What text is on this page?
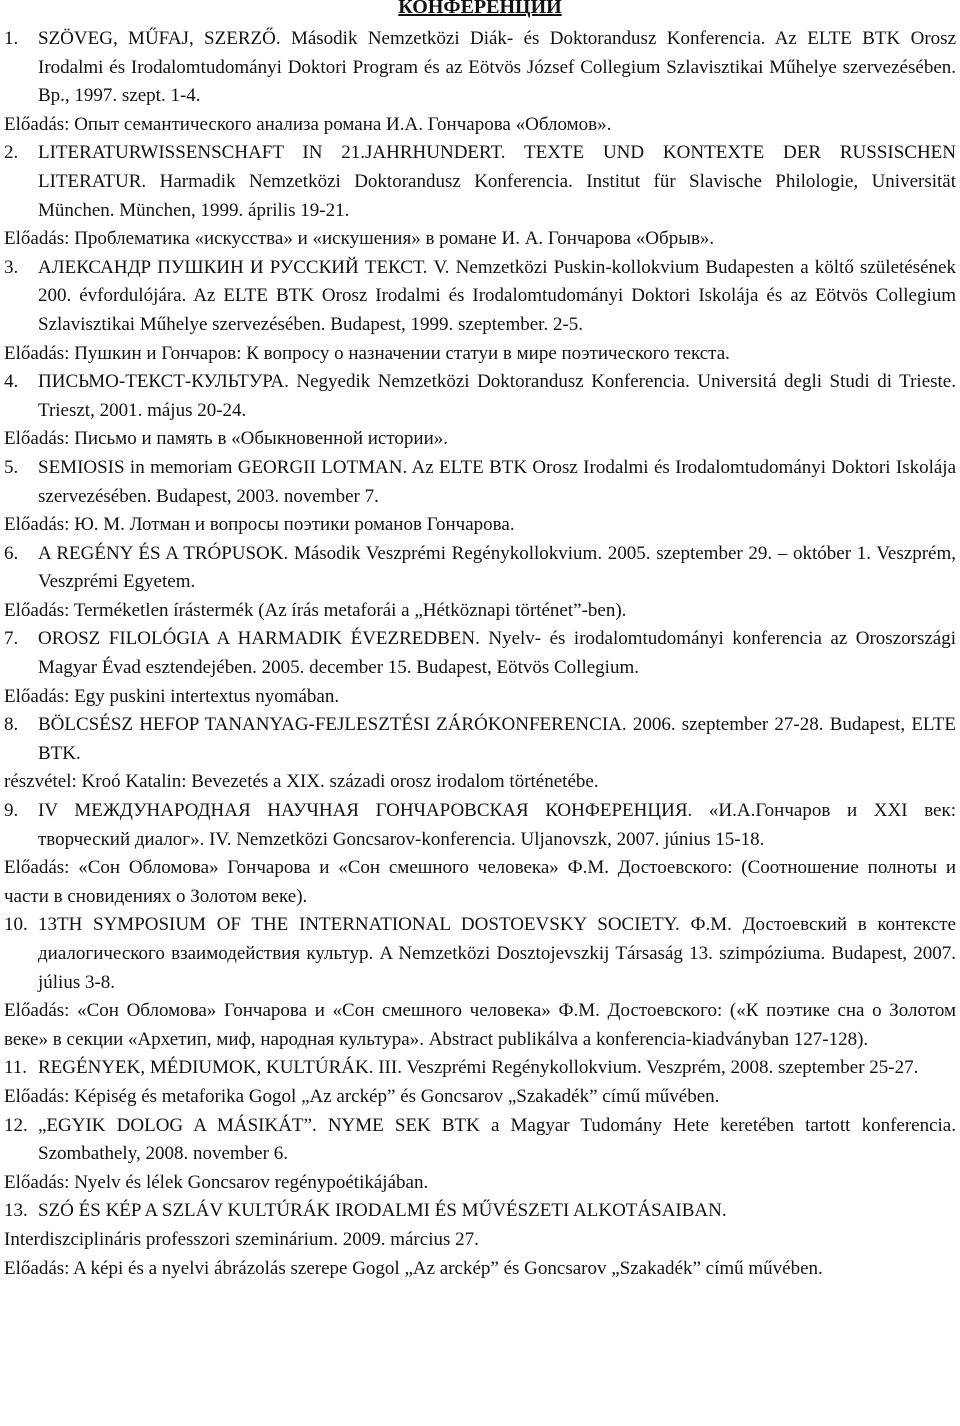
КОНФЕРЕНЦИИ
1. SZÖVEG, MŰFAJ, SZERZŐ. Második Nemzetközi Diák- és Doktorandusz Konferencia. Az ELTE BTK Orosz Irodalmi és Irodalomtudományi Doktori Program és az Eötvös József Collegium Szlavisztikai Műhelye szervezésében. Bp., 1997. szept. 1-4.
Előadás: Опыт семантического анализа романа И.А. Гончарова «Обломов».
2. LITERATURWISSENSCHAFT IN 21.JAHRHUNDERT. TEXTE UND KONTEXTE DER RUSSISCHEN LITERATUR. Harmadik Nemzetközi Doktorandusz Konferencia. Institut für Slavische Philologie, Universität München. München, 1999. április 19-21.
Előadás: Проблематика «искусства» и «искушения» в романе И. А. Гончарова «Обрыв».
3. АЛЕКСАНДР ПУШКИН И РУССКИЙ ТЕКСТ. V. Nemzetközi Puskin-kollokvium Budapesten a költő születésének 200. évfordulójára. Az ELTE BTK Orosz Irodalmi és Irodalomtudományi Doktori Iskolája és az Eötvös Collegium Szlavisztikai Műhelye szervezésében. Budapest, 1999. szeptember. 2-5.
Előadás: Пушкин и Гончаров: К вопросу о назначении статуи в мире поэтического текста.
4. ПИСЬМО-ТЕКСТ-КУЛЬТУРА. Negyedik Nemzetközi Doktorandusz Konferencia. Universitá degli Studi di Trieste. Trieszt, 2001. május 20-24.
Előadás: Письмо и память в «Обыкновенной истории».
5. SEMIOSIS in memoriam GEORGII LOTMAN. Az ELTE BTK Orosz Irodalmi és Irodalomtudományi Doktori Iskolája szervezésében. Budapest, 2003. november 7.
Előadás: Ю. М. Лотман и вопросы поэтики романов Гончарова.
6. A REGÉNY ÉS A TRÓPUSOK. Második Veszprémi Regénykollokvium. 2005. szeptember 29. – október 1. Veszprém, Veszprémi Egyetem.
Előadás: Terméketlen írástermék (Az írás metaforái a „Hétköznapi történet”-ben).
7. OROSZ FILOLÓGIA A HARMADIK ÉVEZREDBEN. Nyelv- és irodalomtudományi konferencia az Oroszországi Magyar Évad esztendejében. 2005. december 15. Budapest, Eötvös Collegium.
Előadás: Egy puskini intertextus nyomában.
8. BÖLCSÉSZ HEFOP TANANYAG-FEJLESZTÉSI ZÁRÓKONFERENCIA. 2006. szeptember 27-28. Budapest, ELTE BTK.
részvétel: Kroó Katalin: Bevezetés a XIX. századi orosz irodalom történetébe.
9. IV МЕЖДУНАРОДНАЯ НАУЧНАЯ ГОНЧАРОВСКАЯ КОНФЕРЕНЦИЯ. «И.А.Гончаров и XXI век: творческий диалог». IV. Nemzetközi Goncsarov-konferencia. Uljanovszk, 2007. június 15-18.
Előadás: «Сон Обломова» Гончарова и «Сон смешного человека» Ф.М. Достоевского: (Соотношение полноты и части в сновидениях о Золотом веке).
10. 13TH SYMPOSIUM OF THE INTERNATIONAL DOSTOEVSKY SOCIETY. Ф.М. Достоевский в контексте диалогического взаимодействия культур. A Nemzetközi Dosztojevszkij Társaság 13. szimpóziuma. Budapest, 2007. július 3-8.
Előadás: «Сон Обломова» Гончарова и «Сон смешного человека» Ф.М. Достоевского: («К поэтике сна о Золотом веке» в секции «Архетип, миф, народная культура». Abstract publikálva a konferencia-kiadványban 127-128).
11. REGÉNYEK, MÉDIUMOK, KULTÚRÁK. III. Veszprémi Regénykollokvium. Veszprém, 2008. szeptember 25-27.
Előadás: Képiség és metaforika Gogol „Az arckép” és Goncsarov „Szakadék” című művében.
12. „EGYIK DOLOG A MÁSIKÁT”. NYME SEK BTK a Magyar Tudomány Hete keretében tartott konferencia. Szombathely, 2008. november 6.
Előadás: Nyelv és lélek Goncsarov regénypoétikájában.
13. SZÓ ÉS KÉP A SZLÁV KULTÚRÁK IRODALMI ÉS MŰVÉSZETI ALKOTÁSAIBAN.
Interdiszciplináris professzori szeminárium. 2009. március 27.
Előadás: A képi és a nyelvi ábrázolás szerepe Gogol „Az arckép” és Goncsarov „Szakadék” című művében.
